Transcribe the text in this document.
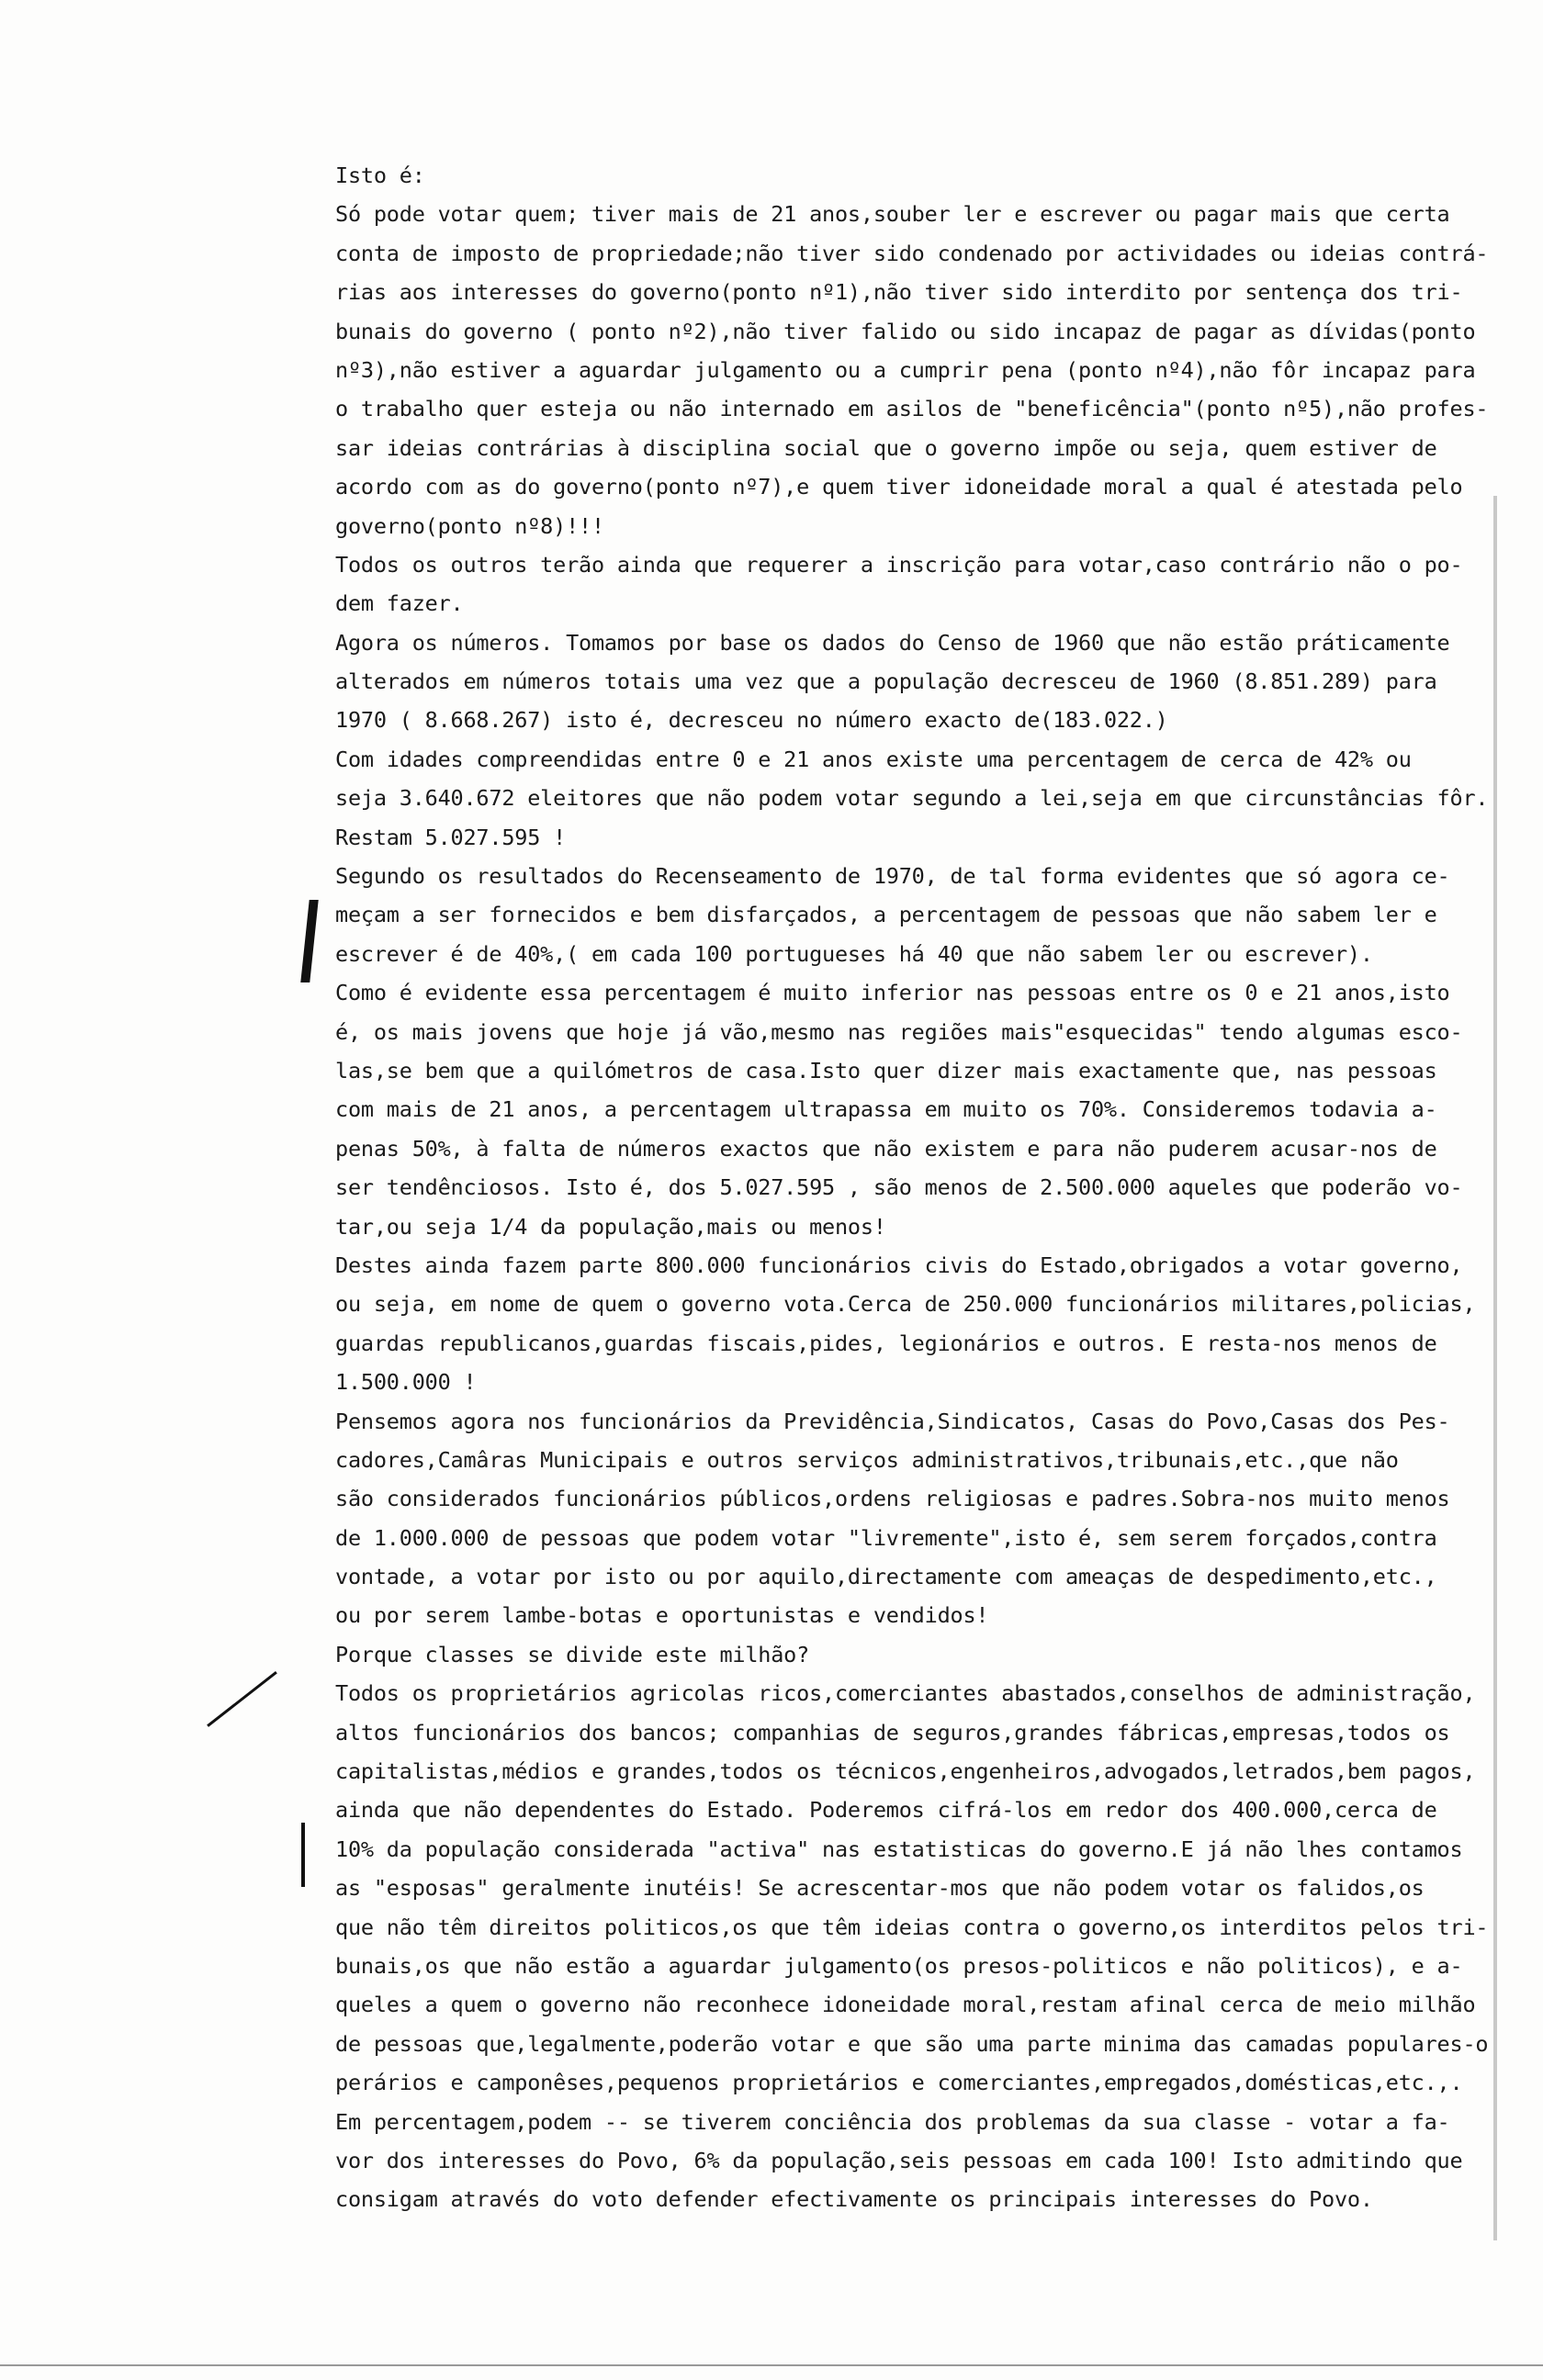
Isto é:
Só pode votar quem; tiver mais de 21 anos,souber ler e escrever ou pagar mais que certa
conta de imposto de propriedade;não tiver sido condenado por actividades ou ideias contrá-
rias aos interesses do governo(ponto nº1),não tiver sido interdito por sentença dos tri-
bunais do governo ( ponto nº2),não tiver falido ou sido incapaz de pagar as dívidas(ponto
nº3),não estiver a aguardar julgamento ou a cumprir pena (ponto nº4),não fôr incapaz para
o trabalho quer esteja ou não internado em asilos de "beneficência"(ponto nº5),não profes-
sar ideias contrárias à disciplina social que o governo impõe ou seja, quem estiver de
acordo com as do governo(ponto nº7),e quem tiver idoneidade moral a qual é atestada pelo
governo(ponto nº8)!!!
Todos os outros terão ainda que requerer a inscrição para votar,caso contrário não o po-
dem fazer.
Agora os números. Tomamos por base os dados do Censo de 1960 que não estão práticamente
alterados em números totais uma vez que a população decresceu de 1960 (8.851.289) para
1970 ( 8.668.267) isto é, decresceu no número exacto de(183.022.)
Com idades compreendidas entre 0 e 21 anos existe uma percentagem de cerca de 42% ou
seja 3.640.672 eleitores que não podem votar segundo a lei,seja em que circunstâncias fôr.
Restam 5.027.595 !
Segundo os resultados do Recenseamento de 1970, de tal forma evidentes que só agora ce-
meçam a ser fornecidos e bem disfarçados, a percentagem de pessoas que não sabem ler e
escrever é de 40%,( em cada 100 portugueses há 40 que não sabem ler ou escrever).
Como é evidente essa percentagem é muito inferior nas pessoas entre os 0 e 21 anos,isto
é, os mais jovens que hoje já vão,mesmo nas regiões mais"esquecidas" tendo algumas esco-
las,se bem que a quilómetros de casa.Isto quer dizer mais exactamente que, nas pessoas
com mais de 21 anos, a percentagem ultrapassa em muito os 70%. Consideremos todavia a-
penas 50%, à falta de números exactos que não existem e para não puderem acusar-nos de
ser tendênciosos. Isto é, dos 5.027.595 , são menos de 2.500.000 aqueles que poderão vo-
tar,ou seja 1/4 da população,mais ou menos!
Destes ainda fazem parte 800.000 funcionários civis do Estado,obrigados a votar governo,
ou seja, em nome de quem o governo vota.Cerca de 250.000 funcionários militares,policias,
guardas republicanos,guardas fiscais,pides, legionários e outros. E resta-nos menos de
1.500.000 !
Pensemos agora nos funcionários da Previdência,Sindicatos, Casas do Povo,Casas dos Pes-
cadores,Camâras Municipais e outros serviços administrativos,tribunais,etc.,que não
são considerados funcionários públicos,ordens religiosas e padres.Sobra-nos muito menos
de 1.000.000 de pessoas que podem votar "livremente",isto é, sem serem forçados,contra
vontade, a votar por isto ou por aquilo,directamente com ameaças de despedimento,etc.,
ou por serem lambe-botas e oportunistas e vendidos!
Porque classes se divide este milhão?
Todos os proprietários agricolas ricos,comerciantes abastados,conselhos de administração,
altos funcionários dos bancos; companhias de seguros,grandes fábricas,empresas,todos os
capitalistas,médios e grandes,todos os técnicos,engenheiros,advogados,letrados,bem pagos,
ainda que não dependentes do Estado. Poderemos cifrá-los em redor dos 400.000,cerca de
10% da população considerada "activa" nas estatisticas do governo.E já não lhes contamos
as "esposas" geralmente inutéis! Se acrescentar-mos que não podem votar os falidos,os
que não têm direitos politicos,os que têm ideias contra o governo,os interditos pelos tri-
bunais,os que não estão a aguardar julgamento(os presos-politicos e não politicos), e a-
queles a quem o governo não reconhece idoneidade moral,restam afinal cerca de meio milhão
de pessoas que,legalmente,poderão votar e que são uma parte minima das camadas populares-o
perários e camponêses,pequenos proprietários e comerciantes,empregados,domésticas,etc.,.
Em percentagem,podem -- se tiverem conciência dos problemas da sua classe - votar a fa-
vor dos interesses do Povo, 6% da população,seis pessoas em cada 100! Isto admitindo que
consigam através do voto defender efectivamente os principais interesses do Povo.
